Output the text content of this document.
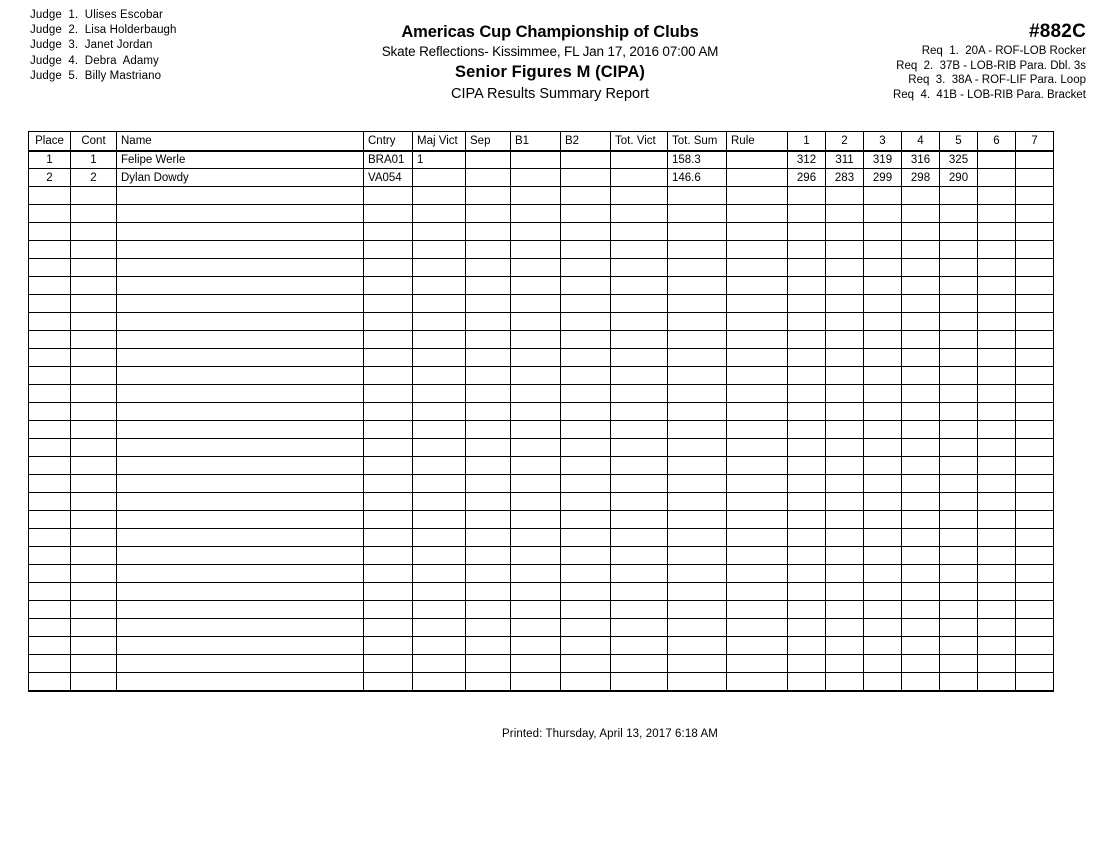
Judge  1.  Ulises Escobar
Judge  2.  Lisa Holderbaugh
Judge  3.  Janet Jordan
Judge  4.  Debra  Adamy
Judge  5.  Billy Mastriano
Americas Cup Championship of Clubs
Skate Reflections- Kissimmee, FL Jan 17, 2016 07:00 AM
Senior Figures M (CIPA)
CIPA Results Summary Report
#882C
Req  1.  20A - ROF-LOB Rocker
Req  2.  37B - LOB-RIB Para. Dbl. 3s
Req  3.  38A - ROF-LIF Para. Loop
Req  4.  41B - LOB-RIB Para. Bracket
Place	Cont	Name	Cntry	Maj Vict	Sep	B1	B2	Tot. Vict	Tot. Sum	Rule	1	2	3	4	5	6	7
1	1	Felipe Werle	BRA01	1					158.3		312	311	319	316	325		
2	2	Dylan Dowdy	VA054						146.6		296	283	299	298	290		

Printed: Thursday, April 13, 2017 6:18 AM
